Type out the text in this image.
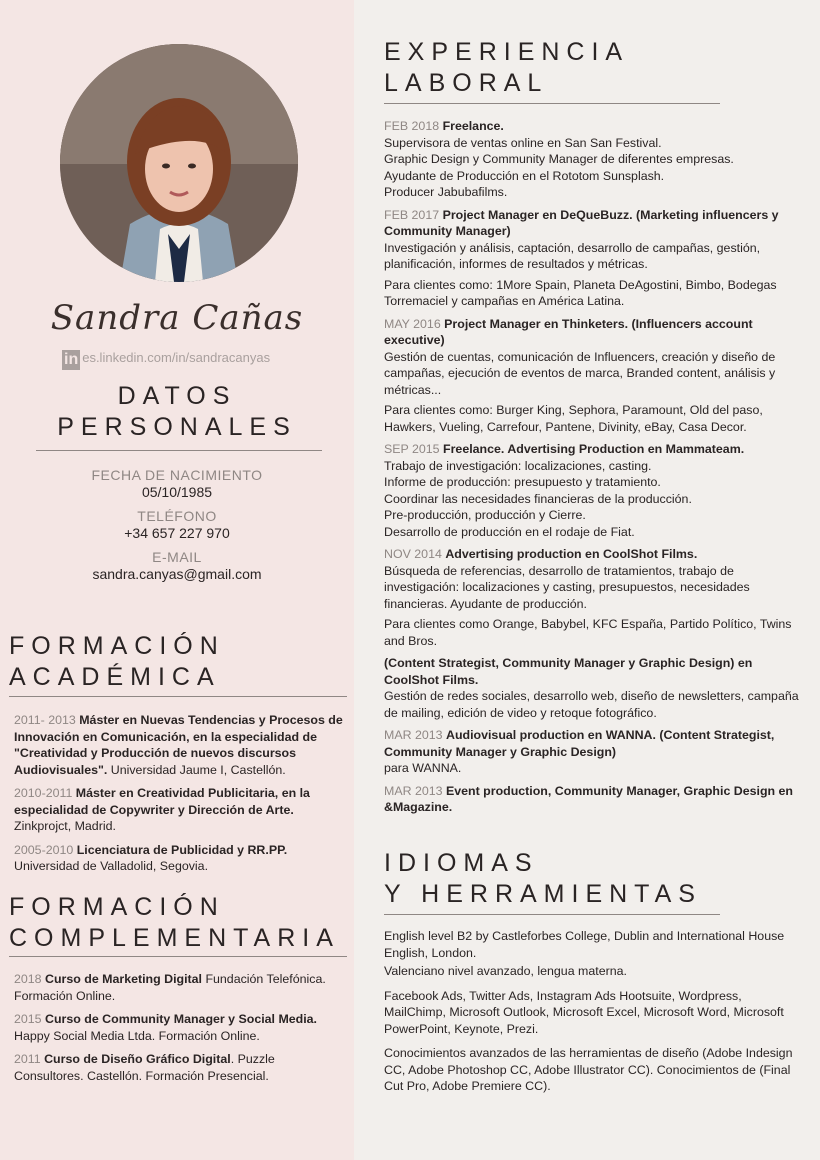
Sandra Cañas
in es.linkedin.com/in/sandracanyas
DATOS
PERSONALES
FECHA DE NACIMIENTO
05/10/1985
TELÉFONO
+34 657 227 970
E-MAIL
sandra.canyas@gmail.com
FORMACIÓN
ACADÉMICA
2011- 2013 Máster en Nuevas Tendencias y Procesos de Innovación en Comunicación, en la especialidad de "Creatividad y Producción de nuevos discursos Audiovisuales". Universidad Jaume I, Castellón.
2010-2011 Máster en Creatividad Publicitaria, en la especialidad de Copywriter y Dirección de Arte. Zinkprojct, Madrid.
2005-2010 Licenciatura de Publicidad y RR.PP. Universidad de Valladolid, Segovia.
FORMACIÓN
COMPLEMENTARIA
2018 Curso de Marketing Digital Fundación Telefónica. Formación Online.
2015 Curso de Community Manager y Social Media. Happy Social Media Ltda. Formación Online.
2011 Curso de Diseño Gráfico Digital. Puzzle Consultores. Castellón. Formación Presencial.
EXPERIENCIA
LABORAL
FEB 2018 Freelance.
Supervisora de ventas online en San San Festival.
Graphic Design y Community Manager de diferentes empresas.
Ayudante de Producción en el Rototom Sunsplash.
Producer Jabubafilms.
FEB 2017 Project Manager en DeQueBuzz. (Marketing influencers y Community Manager)
Investigación y análisis, captación, desarrollo de campañas, gestión, planificación, informes de resultados y métricas.
Para clientes como: 1More Spain, Planeta DeAgostini, Bimbo, Bodegas Torremaciel y campañas en América Latina.
MAY 2016 Project Manager en Thinketers. (Influencers account executive)
Gestión de cuentas, comunicación de Influencers, creación y diseño de campañas, ejecución de eventos de marca, Branded content, análisis y métricas...
Para clientes como: Burger King, Sephora, Paramount, Old del paso, Hawkers, Vueling, Carrefour, Pantene, Divinity, eBay, Casa Decor.
SEP 2015 Freelance. Advertising Production en Mammateam.
Trabajo de investigación: localizaciones, casting.
Informe de producción: presupuesto y tratamiento.
Coordinar las necesidades financieras de la producción.
Pre-producción, producción y Cierre.
Desarrollo de producción en el rodaje de Fiat.
NOV 2014 Advertising production en CoolShot Films.
Búsqueda de referencias, desarrollo de tratamientos, trabajo de investigación: localizaciones y casting, presupuestos, necesidades financieras. Ayudante de producción.
Para clientes como Orange, Babybel, KFC España, Partido Político, Twins and Bros.
(Content Strategist, Community Manager y Graphic Design) en CoolShot Films.
Gestión de redes sociales, desarrollo web, diseño de newsletters, campaña de mailing, edición de video y retoque fotográfico.
MAR 2013 Audiovisual production en WANNA. (Content Strategist, Community Manager y Graphic Design)
para WANNA.
MAR 2013 Event production, Community Manager, Graphic Design en &Magazine.
IDIOMAS
Y HERRAMIENTAS
English level B2 by Castleforbes College, Dublin and International House English, London.
Valenciano nivel avanzado, lengua materna.
Facebook Ads, Twitter Ads, Instagram Ads Hootsuite, Wordpress, MailChimp, Microsoft Outlook, Microsoft Excel, Microsoft Word, Microsoft PowerPoint, Keynote, Prezi.
Conocimientos avanzados de las herramientas de diseño (Adobe Indesign CC, Adobe Photoshop CC, Adobe Illustrator CC). Conocimientos de (Final Cut Pro, Adobe Premiere CC).
